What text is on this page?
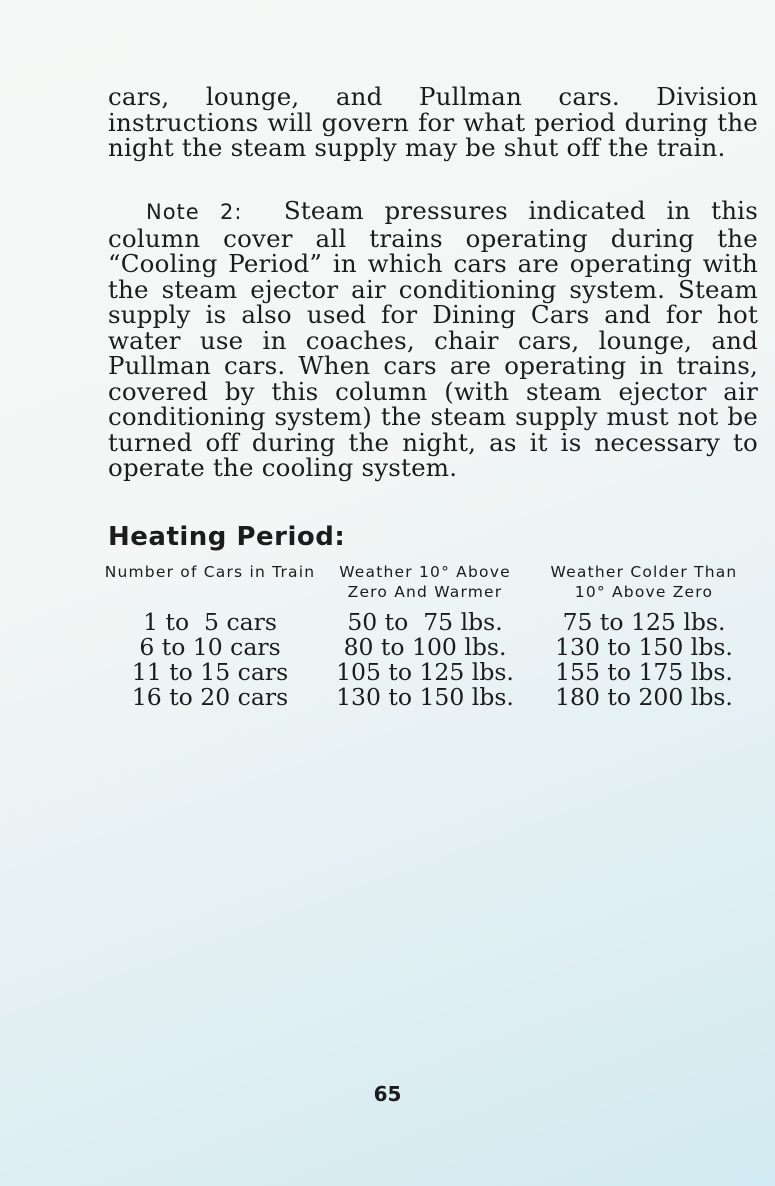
cars, lounge, and Pullman cars. Division instructions will govern for what period during the night the steam supply may be shut off the train.

Note 2: Steam pressures indicated in this column cover all trains operating during the “Cooling Period” in which cars are operating with the steam ejector air conditioning system. Steam supply is also used for Dining Cars and for hot water use in coaches, chair cars, lounge, and Pullman cars. When cars are operating in trains, covered by this column (with steam ejector air conditioning system) the steam supply must not be turned off during the night, as it is necessary to operate the cooling system.

Heating Period:
Number of Cars in Train	Weather 10° Above Zero And Warmer	Weather Colder Than 10° Above Zero
1 to  5 cars	50 to  75 lbs.	75 to 125 lbs.
6 to 10 cars	80 to 100 lbs.	130 to 150 lbs.
11 to 15 cars	105 to 125 lbs.	155 to 175 lbs.
16 to 20 cars	130 to 150 lbs.	180 to 200 lbs.
65
